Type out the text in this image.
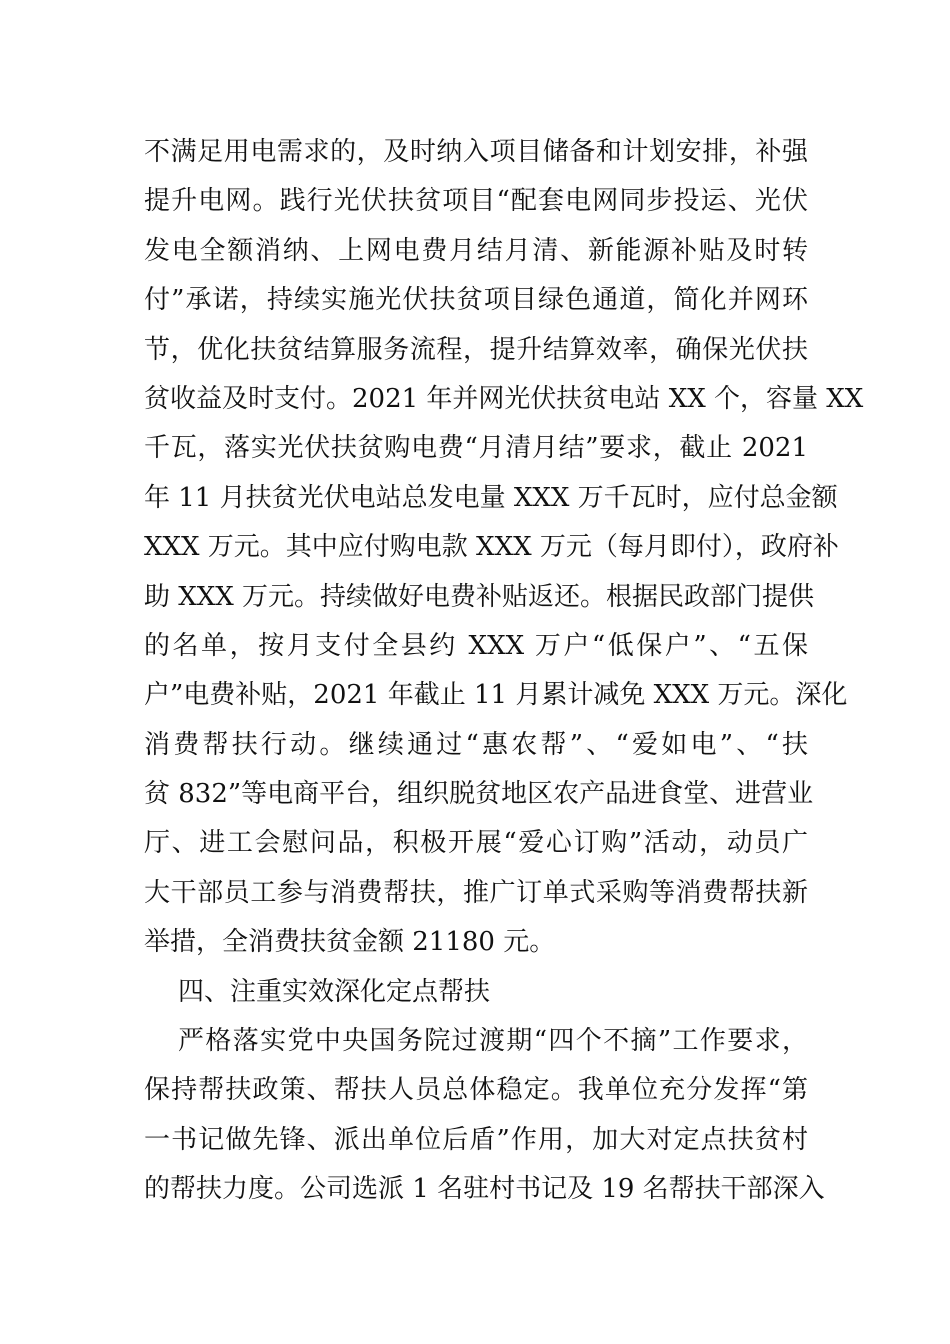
不满足用电需求的，及时纳入项目储备和计划安排，补强
提升电网。践行光伏扶贫项目“配套电网同步投运、光伏
发电全额消纳、上网电费月结月清、新能源补贴及时转
付”承诺，持续实施光伏扶贫项目绿色通道，简化并网环
节，优化扶贫结算服务流程，提升结算效率，确保光伏扶
贫收益及时支付。2021 年并网光伏扶贫电站 XX 个，容量 XX
千瓦，落实光伏扶贫购电费“月清月结”要求，截止 2021
年 11 月扶贫光伏电站总发电量 XXX 万千瓦时，应付总金额
XXX 万元。其中应付购电款 XXX 万元（每月即付），政府补
助 XXX 万元。持续做好电费补贴返还。根据民政部门提供
的名单，按月支付全县约 XXX 万户“低保户”、“五保
户”电费补贴，2021 年截止 11 月累计减免 XXX 万元。深化
消费帮扶行动。继续通过“惠农帮”、“爱如电”、“扶
贫 832”等电商平台，组织脱贫地区农产品进食堂、进营业
厅、进工会慰问品，积极开展“爱心订购”活动，动员广
大干部员工参与消费帮扶，推广订单式采购等消费帮扶新
举措，全消费扶贫金额 21180 元。
四、注重实效深化定点帮扶
严格落实党中央国务院过渡期“四个不摘”工作要求，
保持帮扶政策、帮扶人员总体稳定。我单位充分发挥“第
一书记做先锋、派出单位后盾”作用，加大对定点扶贫村
的帮扶力度。公司选派 1 名驻村书记及 19 名帮扶干部深入
